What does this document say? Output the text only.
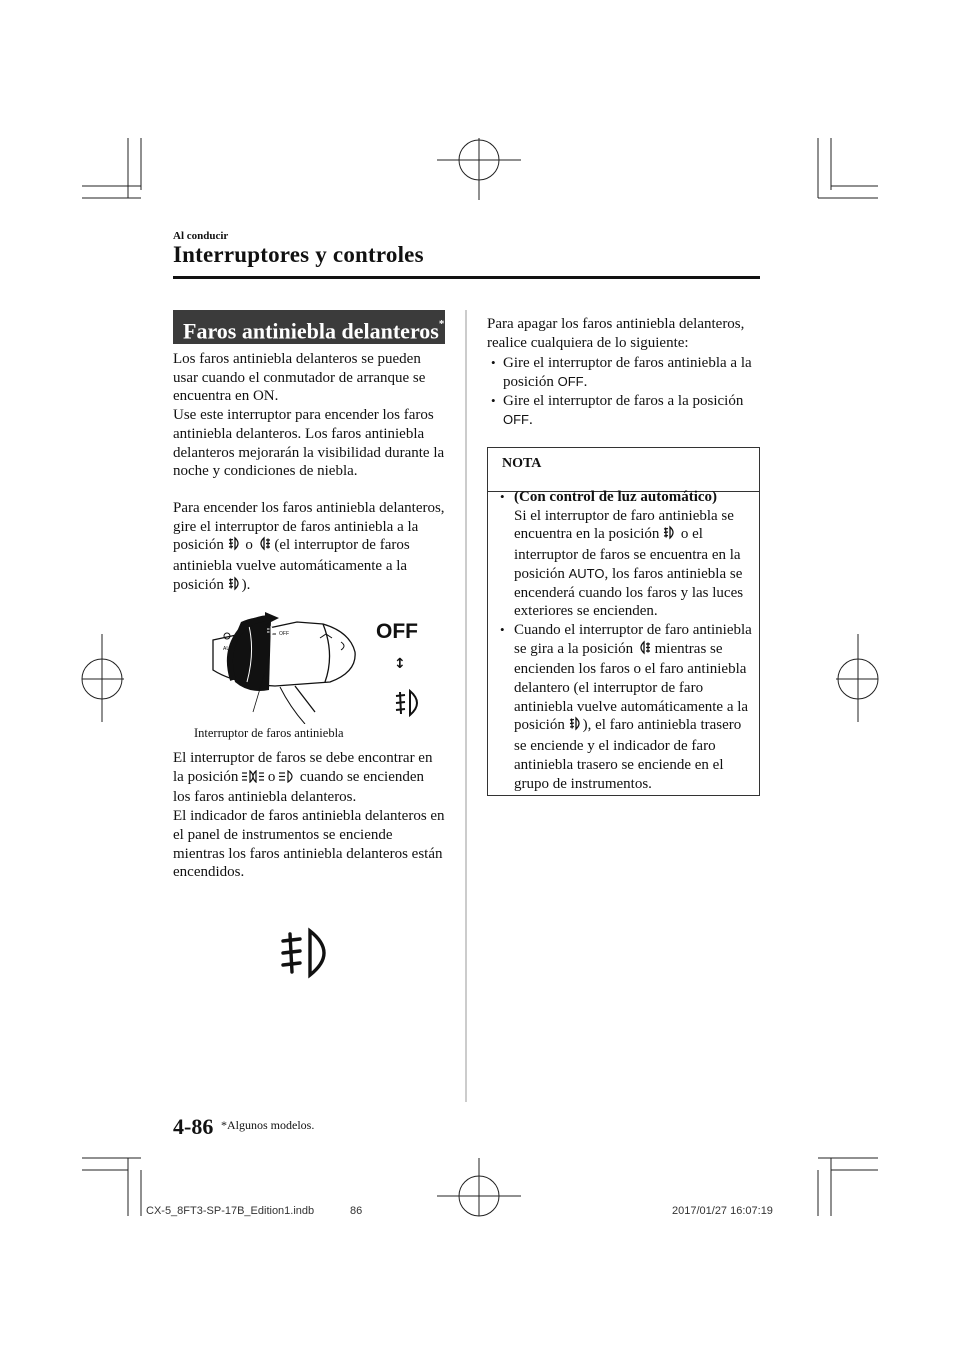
Al conducir
Interruptores y controles
Faros antiniebla delanteros*

Los faros antiniebla delanteros se pueden usar cuando el conmutador de arranque se encuentra en ON.

Use este interruptor para encender los faros antiniebla delanteros. Los faros antiniebla delanteros mejorarán la visibilidad durante la noche y condiciones de niebla.

Para encender los faros antiniebla delanteros, gire el interruptor de faros antiniebla a la posición o (el interruptor de faros antiniebla vuelve automáticamente a la posición ).

OFF
AU
OFF
↕
Interruptor de faros antiniebla

El interruptor de faros se debe encontrar en la posición o cuando se encienden los faros antiniebla delanteros.

El indicador de faros antiniebla delanteros en el panel de instrumentos se enciende mientras los faros antiniebla delanteros están encendidos.

Para apagar los faros antiniebla delanteros, realice cualquiera de lo siguiente:

• Gire el interruptor de faros antiniebla a la posición OFF.
• Gire el interruptor de faros a la posición OFF.
NOTA
• (Con control de luz automático)
Si el interruptor de faro antiniebla se encuentra en la posición o el interruptor de faros se encuentra en la posición AUTO, los faros antiniebla se encenderá cuando los faros y las luces exteriores se encienden.
• Cuando el interruptor de faro antiniebla se gira a la posición mientras se encienden los faros o el faro antiniebla delantero (el interruptor de faro antiniebla vuelve automáticamente a la posición ), el faro antiniebla trasero se enciende y el indicador de faro antiniebla trasero se enciende en el grupo de instrumentos.
4-86 *Algunos modelos.
CX-5_8FT3-SP-17B_Edition1.indb	86	2017/01/27 16:07:19
